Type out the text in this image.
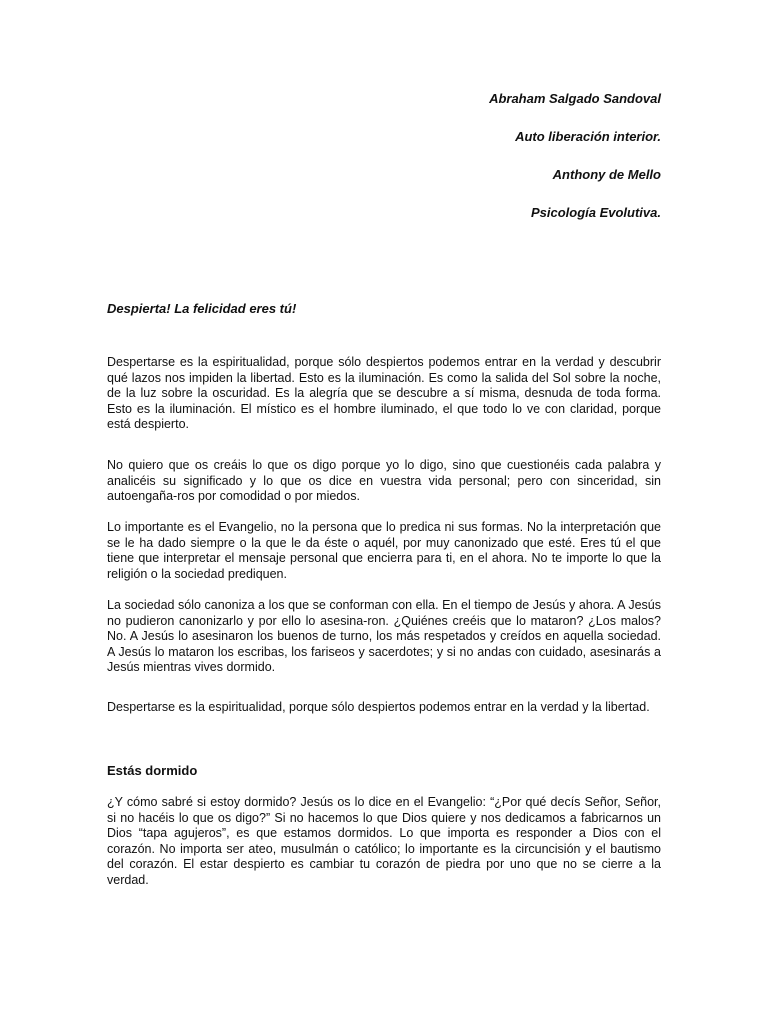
Abraham Salgado Sandoval

Auto liberación interior.

Anthony de Mello

Psicología Evolutiva.

Despierta! La felicidad eres tú!

Despertarse es la espiritualidad, porque sólo despiertos podemos entrar en la verdad y descubrir qué lazos nos impiden la libertad. Esto es la iluminación. Es como la salida del Sol sobre la noche, de la luz sobre la oscuridad. Es la alegría que se descubre a sí misma, desnuda de toda forma. Esto es la iluminación. El místico es el hombre iluminado, el que todo lo ve con claridad, porque está despierto.

No quiero que os creáis lo que os digo porque yo lo digo, sino que cuestionéis cada palabra y analicéis su significado y lo que os dice en vuestra vida personal; pero con sinceridad, sin autoengaña-ros por comodidad o por miedos.

Lo importante es el Evangelio, no la persona que lo predica ni sus formas. No la interpretación que se le ha dado siempre o la que le da éste o aquél, por muy canonizado que esté. Eres tú el que tiene que interpretar el mensaje personal que encierra para ti, en el ahora. No te importe lo que la religión o la sociedad prediquen.

La sociedad sólo canoniza a los que se conforman con ella. En el tiempo de Jesús y ahora. A Jesús no pudieron canonizarlo y por ello lo asesina-ron. ¿Quiénes creéis que lo mataron? ¿Los malos? No. A Jesús lo asesinaron los buenos de turno, los más respetados y creídos en aquella sociedad. A Jesús lo mataron los escribas, los fariseos y sacerdotes; y si no andas con cuidado, asesinarás a Jesús mientras vives dormido.

Despertarse es la espiritualidad, porque sólo despiertos podemos entrar en la verdad y la libertad.

Estás dormido

¿Y cómo sabré si estoy dormido? Jesús os lo dice en el Evangelio: “¿Por qué decís Señor, Señor, si no hacéis lo que os digo?” Si no hacemos lo que Dios quiere y nos dedicamos a fabricarnos un Dios “tapa agujeros”, es que estamos dormidos. Lo que importa es responder a Dios con el corazón. No importa ser ateo, musulmán o católico; lo importante es la circuncisión y el bautismo del corazón. El estar despierto es cambiar tu corazón de piedra por uno que no se cierre a la verdad.
